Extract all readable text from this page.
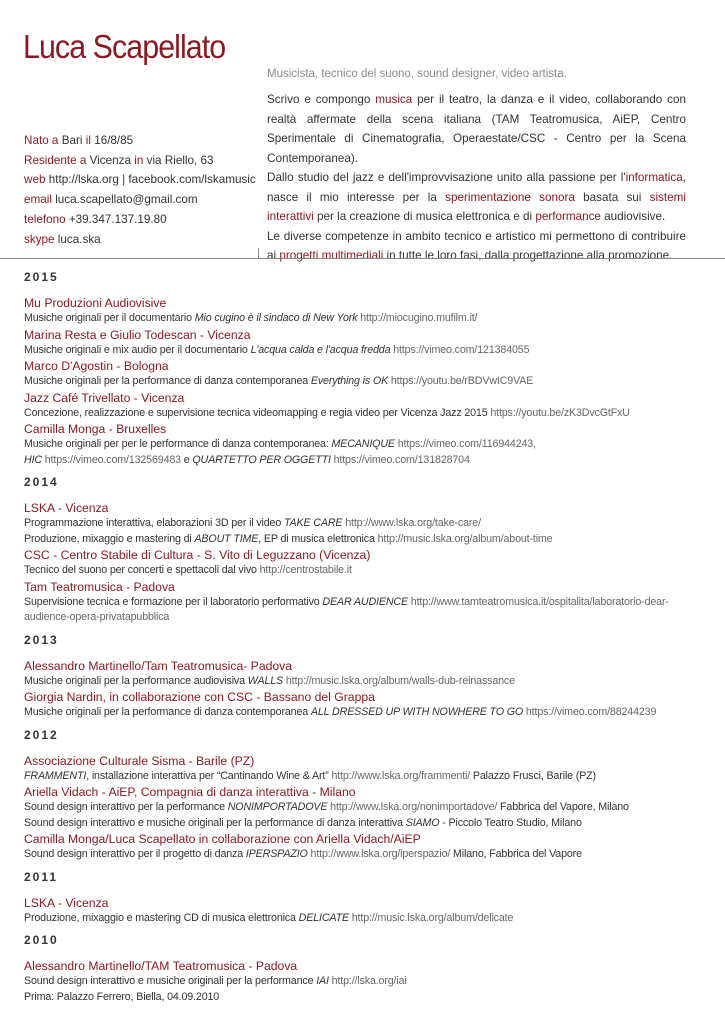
Luca Scapellato
Musicista, tecnico del suono, sound designer, video artista.

Scrivo e compongo musica per il teatro, la danza e il video, collaborando con realtà affermate della scena italiana (TAM Teatromusica, AiEP, Centro Sperimentale di Cinematografia, Operaestate/CSC - Centro per la Scena Contemporanea).

Dallo studio del jazz e dell'improvvisazione unito alla passione per l'informatica, nasce il mio interesse per la sperimentazione sonora basata sui sistemi interattivi per la creazione di musica elettronica e di performance audiovisive.

Le diverse competenze in ambito tecnico e artistico mi permettono di contribuire ai progetti multimediali in tutte le loro fasi, dalla progettazione alla promozione.

Nato a Bari il 16/8/85
Residente a Vicenza in via Riello, 63
web http://lska.org | facebook.com/lskamusic
email luca.scapellato@gmail.com
telefono +39.347.137.19.80
skype luca.ska
2015
Mu Produzioni Audiovisive
Musiche originali per il documentario Mio cugino è il sindaco di New York http://miocugino.mufilm.it/
Marina Resta e Giulio Todescan - Vicenza
Musiche originali e mix audio per il documentario L'acqua calda e l'acqua fredda https://vimeo.com/121384055
Marco D'Agostin - Bologna
Musiche originali per la performance di danza contemporanea Everything is OK https://youtu.be/rBDVwIC9VAE
Jazz Café Trivellato - Vicenza
Concezione, realizzazione e supervisione tecnica videomapping e regia video per Vicenza Jazz 2015 https://youtu.be/zK3DvcGtFxU
Camilla Monga - Bruxelles
Musiche originali per per le performance di danza contemporanea: MECANIQUE https://vimeo.com/116944243,
HIC https://vimeo.com/132569483 e QUARTETTO PER OGGETTI https://vimeo.com/131828704
2014
LSKA - Vicenza
Programmazione interattiva, elaborazioni 3D per il video TAKE CARE http://www.lska.org/take-care/
Produzione, mixaggio e mastering di ABOUT TIME, EP di musica elettronica http://music.lska.org/album/about-time
CSC - Centro Stabile di Cultura - S. Vito di Leguzzano (Vicenza)
Tecnico del suono per concerti e spettacoli dal vivo http://centrostabile.it
Tam Teatromusica - Padova
Supervisione tecnica e formazione per il laboratorio performativo DEAR AUDIENCE http://www.tamteatromusica.it/ospitalita/laboratorio-dear-audience-opera-privatapubblica
2013
Alessandro Martinello/Tam Teatromusica- Padova
Musiche originali per la performance audiovisiva WALLS http://music.lska.org/album/walls-dub-reinassance
Giorgia Nardin, in collaborazione con CSC - Bassano del Grappa
Musiche originali per la performance di danza contemporanea ALL DRESSED UP WITH NOWHERE TO GO https://vimeo.com/88244239
2012
Associazione Culturale Sisma - Barile (PZ)
FRAMMENTI, installazione interattiva per “Cantinando Wine & Art” http://www.lska.org/frammenti/ Palazzo Frusci, Barile (PZ)
Ariella Vidach - AiEP, Compagnia di danza interattiva - Milano
Sound design interattivo per la performance NONIMPORTADOVE http://www.lska.org/nonimportadove/ Fabbrica del Vapore, Milano
Sound design interattivo e musiche originali per la performance di danza interattiva SIAMO - Piccolo Teatro Studio, Milano
Camilla Monga/Luca Scapellato in collaborazione con Ariella Vidach/AiEP
Sound design interattivo per il progetto di danza IPERSPAZIO http://www.lska.org/iperspazio/ Milano, Fabbrica del Vapore
2011
LSKA - Vicenza
Produzione, mixaggio e mastering CD di musica elettronica DELICATE http://music.lska.org/album/delicate
2010
Alessandro Martinello/TAM Teatromusica - Padova
Sound design interattivo e musiche originali per la performance IAI http://lska.org/iai
Prima: Palazzo Ferrero, Biella, 04.09.2010
